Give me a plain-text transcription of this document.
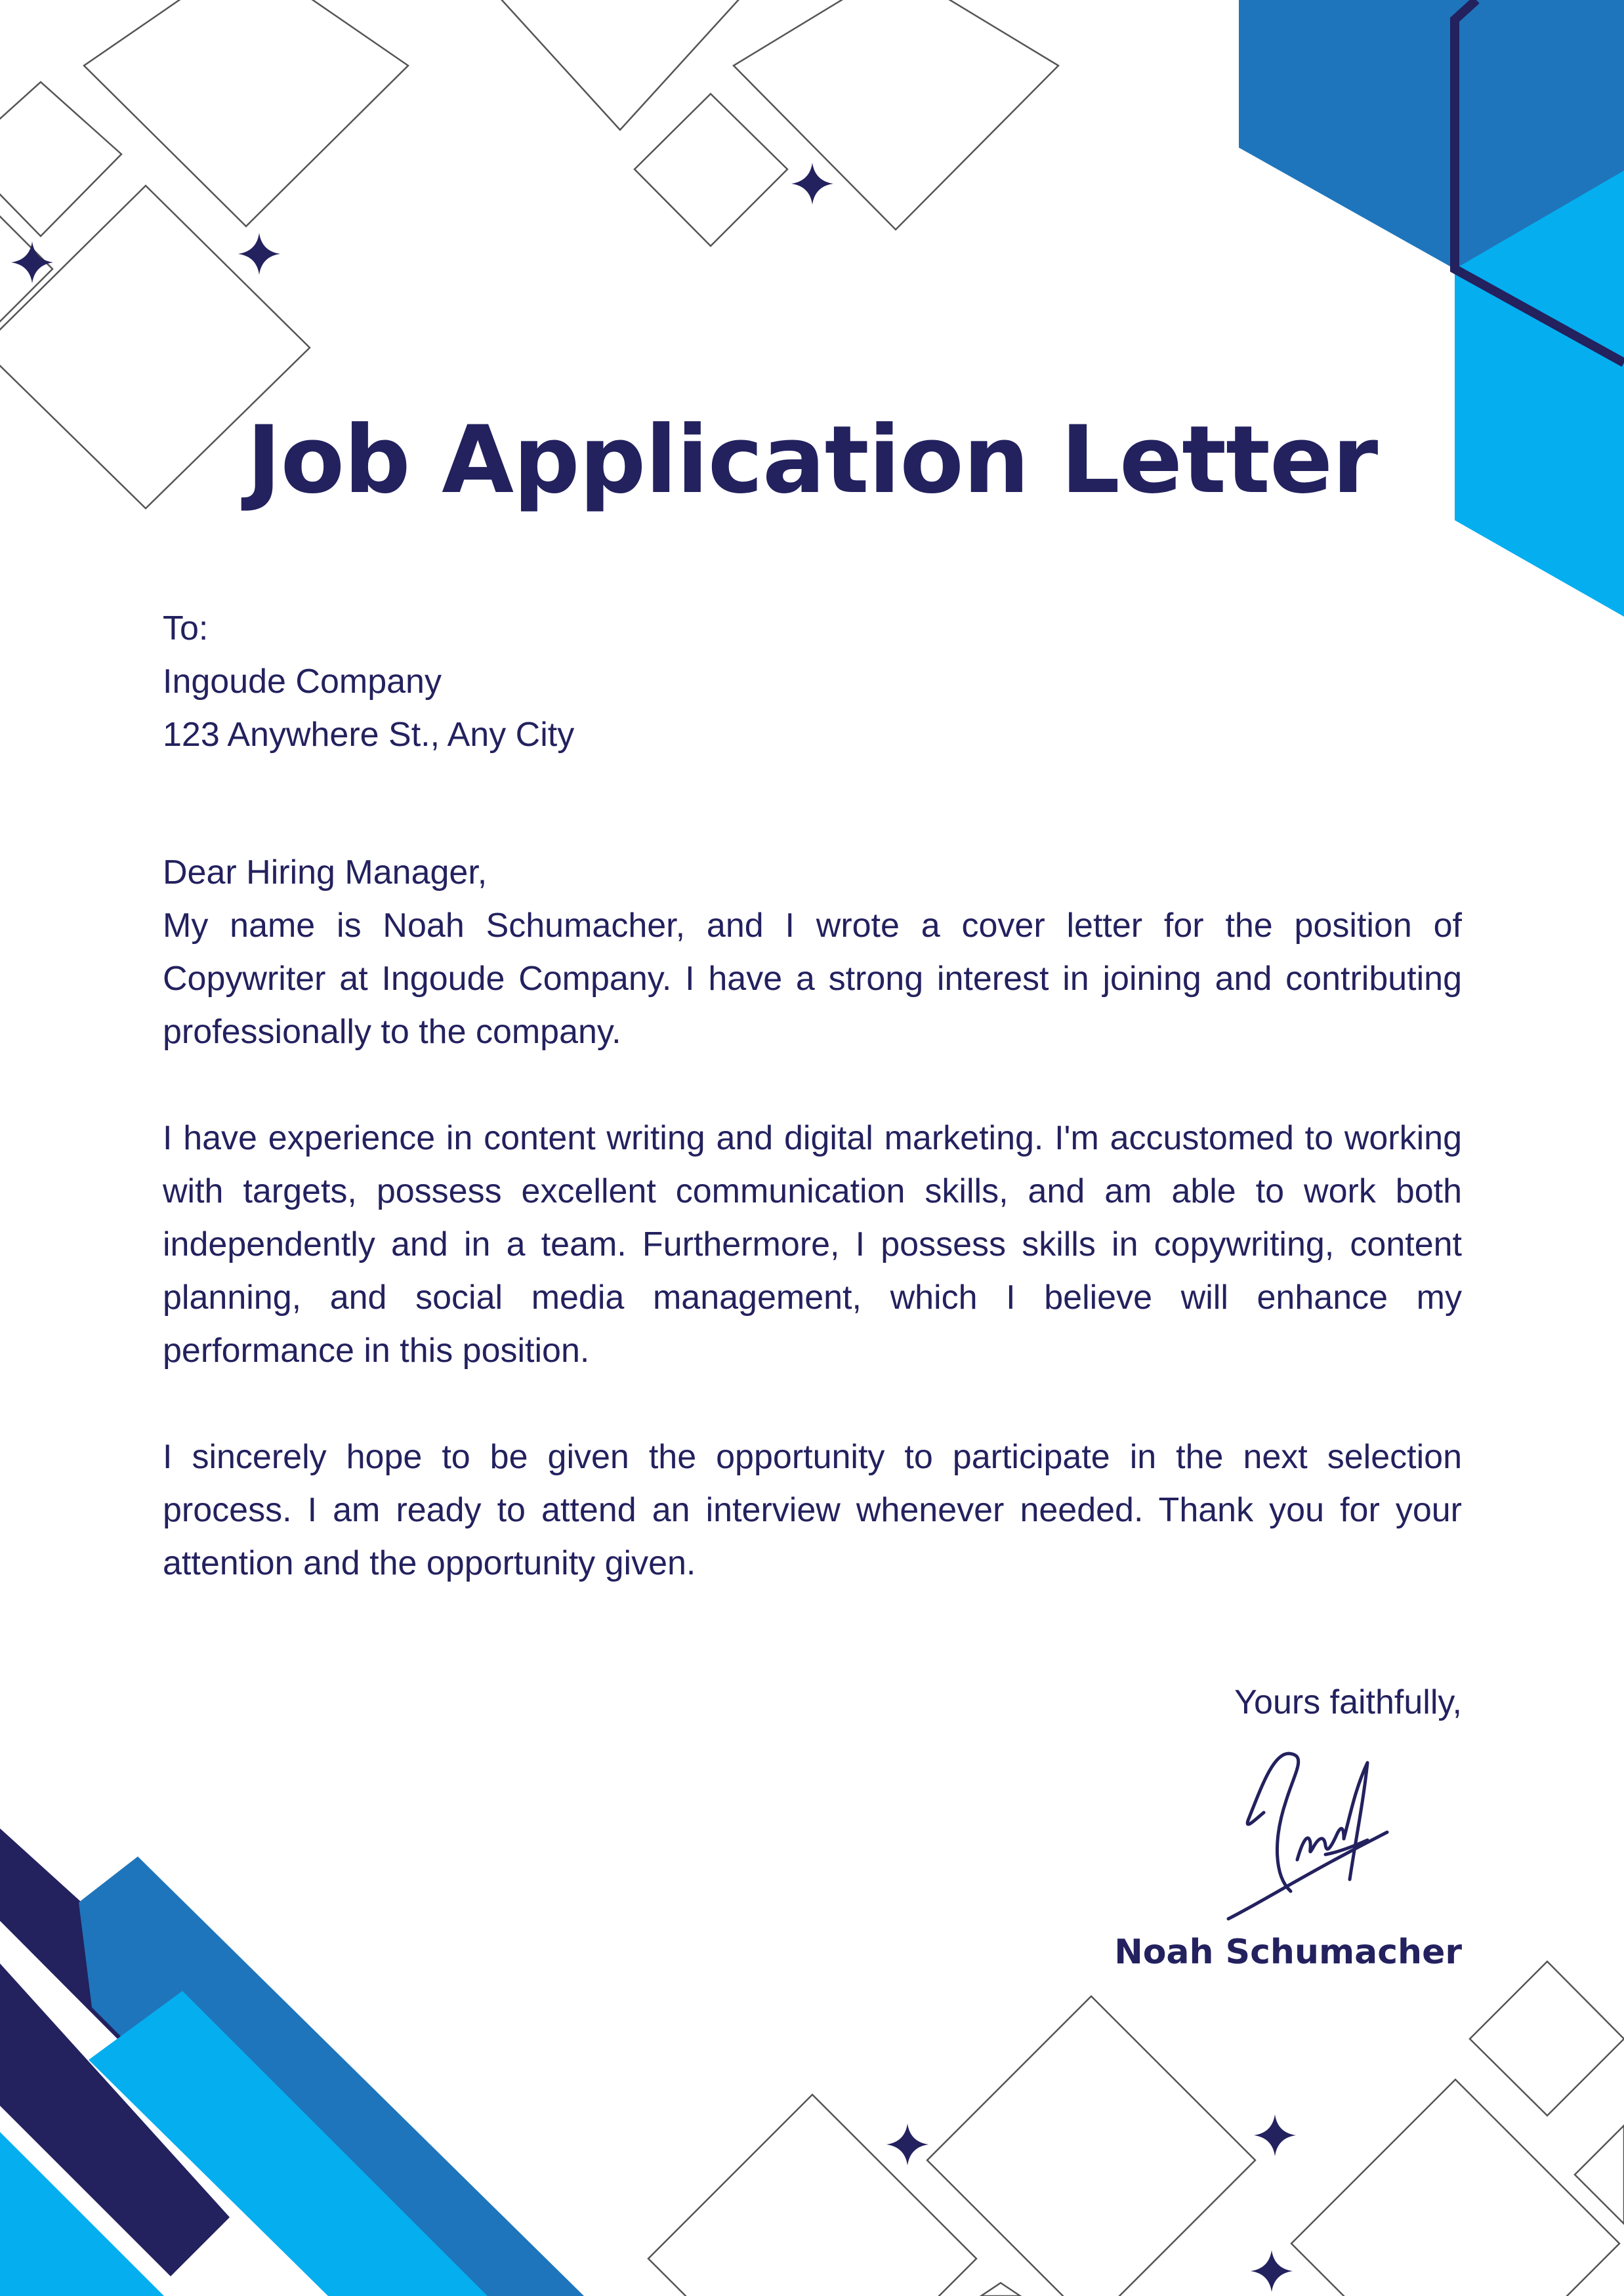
Job Application Letter
To:
Ingoude Company
123 Anywhere St., Any City

Dear Hiring Manager,

My name is Noah Schumacher, and I wrote a cover letter for the position of Copywriter at Ingoude Company. I have a strong interest in joining and contributing professionally to the company.

I have experience in content writing and digital marketing. I'm accustomed to working with targets, possess excellent communication skills, and am able to work both independently and in a team. Furthermore, I possess skills in copywriting, content planning, and social media management, which I believe will enhance my performance in this position.

I sincerely hope to be given the opportunity to participate in the next selection process. I am ready to attend an interview whenever needed. Thank you for your attention and the opportunity given.

Yours faithfully,
Noah Schumacher
